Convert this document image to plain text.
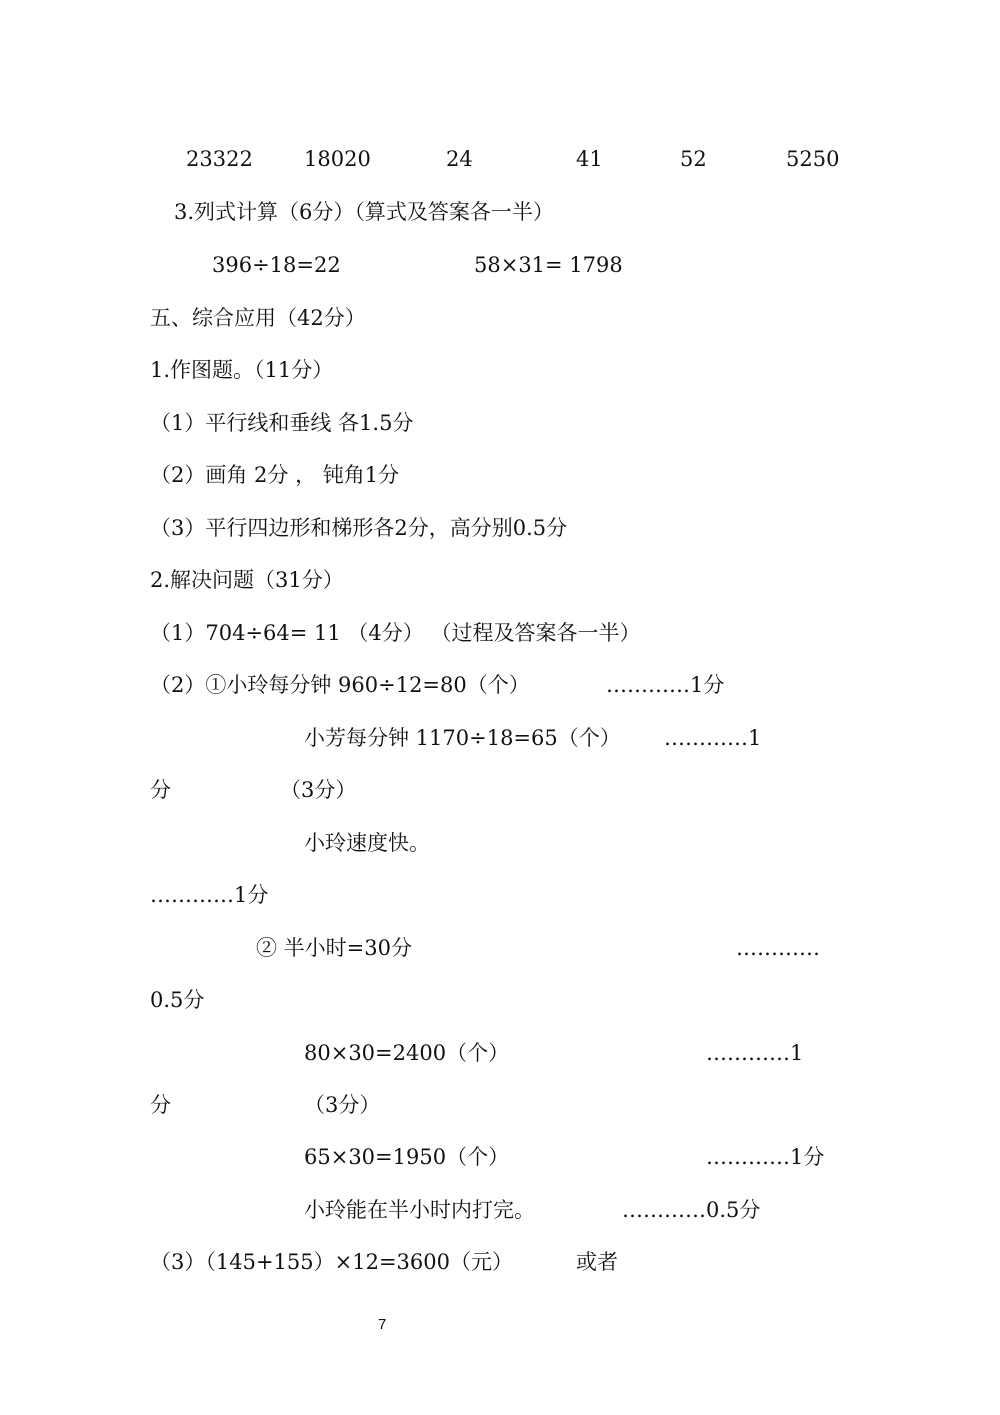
23322 18020	24	41	52	5250
3.列式计算（6分）（算式及答案各一半）
396÷18=22	58×31= 1798
五、综合应用（42分）
1.作图题。（11分）
（1）平行线和垂线 各1.5分
（2）画角 2分 ， 钝角1分
（3）平行四边形和梯形各2分，高分别0.5分
2.解决问题（31分）
（1）704÷64= 11 （4分） （过程及答案各一半）
（2）①小玲每分钟 960÷12=80（个）	…………1分
小芳每分钟 1170÷18=65（个） …………1
分	（3分）
小玲速度快。
…………1分
② 半小时=30分	…………
0.5分
80×30=2400（个）	…………1
分	（3分）
65×30=1950（个）	…………1分
小玲能在半小时内打完。	…………0.5分
（3）（145+155）×12=3600（元）	或者
7
